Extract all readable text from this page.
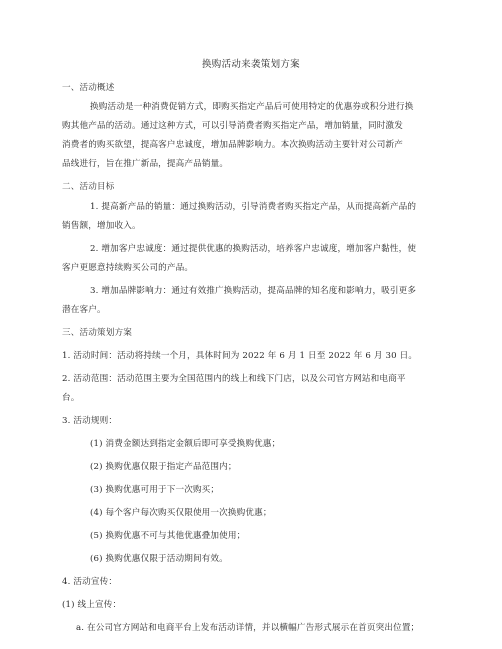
换购活动来袭策划方案
一、活动概述
换购活动是一种消费促销方式，即购买指定产品后可使用特定的优惠券或积分进行换
购其他产品的活动。通过这种方式，可以引导消费者购买指定产品，增加销量，同时激发
消费者的购买欲望，提高客户忠诚度，增加品牌影响力。本次换购活动主要针对公司新产
品线进行，旨在推广新品，提高产品销量。
二、活动目标
1. 提高新产品的销量：通过换购活动，引导消费者购买指定产品，从而提高新产品的
销售额，增加收入。
2. 增加客户忠诚度：通过提供优惠的换购活动，培养客户忠诚度，增加客户黏性，使
客户更愿意持续购买公司的产品。
3. 增加品牌影响力：通过有效推广换购活动，提高品牌的知名度和影响力，吸引更多
潜在客户。
三、活动策划方案
1. 活动时间：活动将持续一个月，具体时间为 2022 年 6 月 1 日至 2022 年 6 月 30 日。
2. 活动范围：活动范围主要为全国范围内的线上和线下门店，以及公司官方网站和电商平
台。
3. 活动规则：
(1) 消费金额达到指定金额后即可享受换购优惠；
(2) 换购优惠仅限于指定产品范围内；
(3) 换购优惠可用于下一次购买；
(4) 每个客户每次购买仅限使用一次换购优惠；
(5) 换购优惠不可与其他优惠叠加使用；
(6) 换购优惠仅限于活动期间有效。
4. 活动宣传：
(1) 线上宣传：
a. 在公司官方网站和电商平台上发布活动详情，并以横幅广告形式展示在首页突出位置；
